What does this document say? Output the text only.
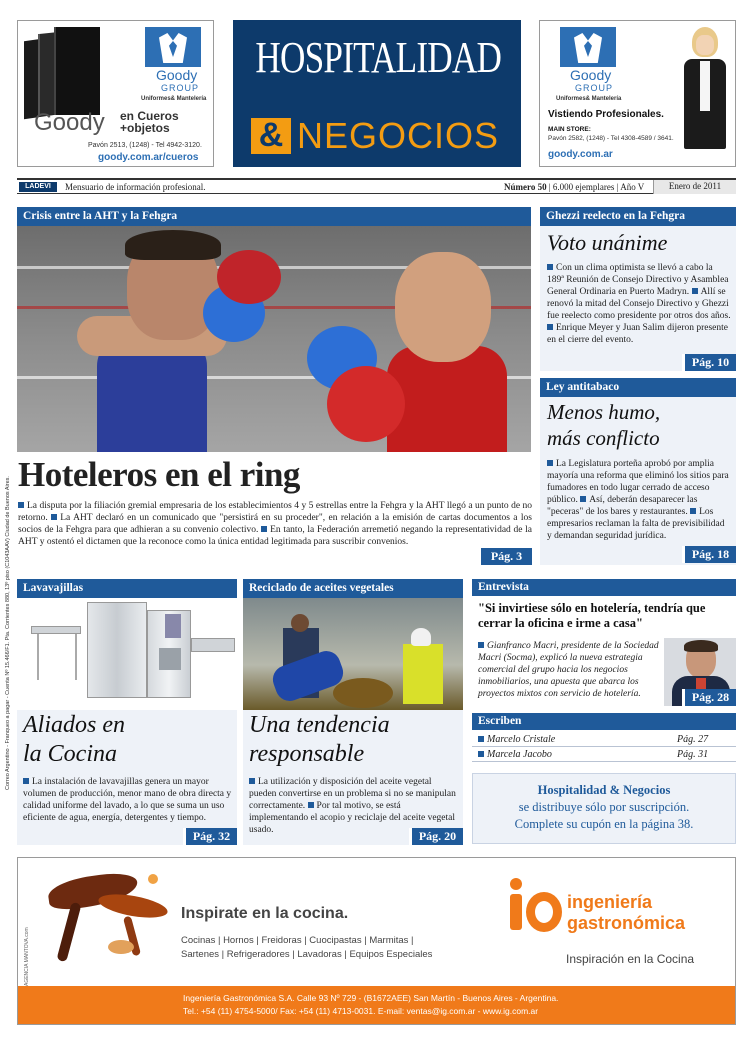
Goody
GROUP
Uniformes& Mantelería
Goody en Cueros
+objetos
Pavón 2513, (1248) - Tel 4942-3120.
goody.com.ar/cueros
HOSPITALIDAD
& NEGOCIOS
Goody
GROUP
Uniformes& Mantelería
Vistiendo Profesionales.
MAIN STORE:
Pavón 2582, (1248) - Tel 4308-4589 / 3641.
goody.com.ar
LADEVI	Mensuario de información profesional.	Número 50 | 6.000 ejemplares | Año V	Enero de 2011
Correo Argentino - Franqueo a pagar - Cuenta Nº 15.466/F1. Pta. Corrientes 880, 13º piso (C1043AAV) Ciudad de Buenos Aires.
Crisis entre la AHT y la Fehgra
Hoteleros en el ring
La disputa por la filiación gremial empresaria de los establecimientos 4 y 5 estrellas entre la Fehgra y la AHT llegó a un punto de no retorno. La AHT declaró en un comunicado que "persistirá en su proceder", en relación a la emisión de cartas documentos a los socios de la Fehgra para que adhieran a su convenio colectivo. En tanto, la Federación arremetió negando la representatividad de la AHT y ostentó el dictamen que la reconoce como la única entidad legitimada para suscribir convenios.
Pág. 3
Ghezzi reelecto en la Fehgra
Voto unánime
Con un clima optimista se llevó a cabo la 189ª Reunión de Consejo Directivo y Asamblea General Ordinaria en Puerto Madryn. Allí se renovó la mitad del Consejo Directivo y Ghezzi fue reelecto como presidente por otros dos años. Enrique Meyer y Juan Salim dijeron presente en el cierre del evento.
Pág. 10
Ley antitabaco
Menos humo,
más conflicto
La Legislatura porteña aprobó por amplia mayoría una reforma que eliminó los sitios para fumadores en todo lugar cerrado de acceso público. Así, deberán desaparecer las "peceras" de los bares y restaurantes. Los empresarios reclaman la falta de previsibilidad y demandan seguridad jurídica.
Pág. 18
Lavavajillas
Aliados en
la Cocina
La instalación de lavavajillas genera un mayor volumen de producción, menor mano de obra directa y calidad uniforme del lavado, a lo que se suma un uso eficiente de agua, energía, detergentes y tiempo.
Pág. 32
Reciclado de aceites vegetales
Una tendencia
responsable
La utilización y disposición del aceite vegetal pueden convertirse en un problema si no se manipulan correctamente. Por tal motivo, se está implementando el acopio y reciclaje del aceite vegetal usado.	Pág. 20
Entrevista
"Si invirtiese sólo en hotelería, tendría que cerrar la oficina e irme a casa"
Gianfranco Macri, presidente de la Sociedad Macri (Socma), explicó la nueva estrategia comercial del grupo hacia los negocios inmobiliarios, una apuesta que abarca los proyectos mixtos con servicio de hotelería.	Pág. 28
Escriben
Marcelo Cristale	Pág. 27
Marcela Jacobo	Pág. 31
Hospitalidad & Negocios
se distribuye sólo por suscripción.
Complete su cupón en la página 38.
AGENCIA MANTOVA.com
Inspirate en la cocina.
Cocinas | Hornos | Freidoras | Cuocipastas | Marmitas |
Sartenes | Refrigeradores | Lavadoras | Equipos Especiales
ingeniería
gastronómica
Inspiración en la Cocina
Ingeniería Gastronómica S.A. Calle 93 Nº 729 - (B1672AEE) San Martín - Buenos Aires - Argentina.
Tel.: +54 (11) 4754-5000/ Fax: +54 (11) 4713-0031. E-mail: ventas@ig.com.ar - www.ig.com.ar
